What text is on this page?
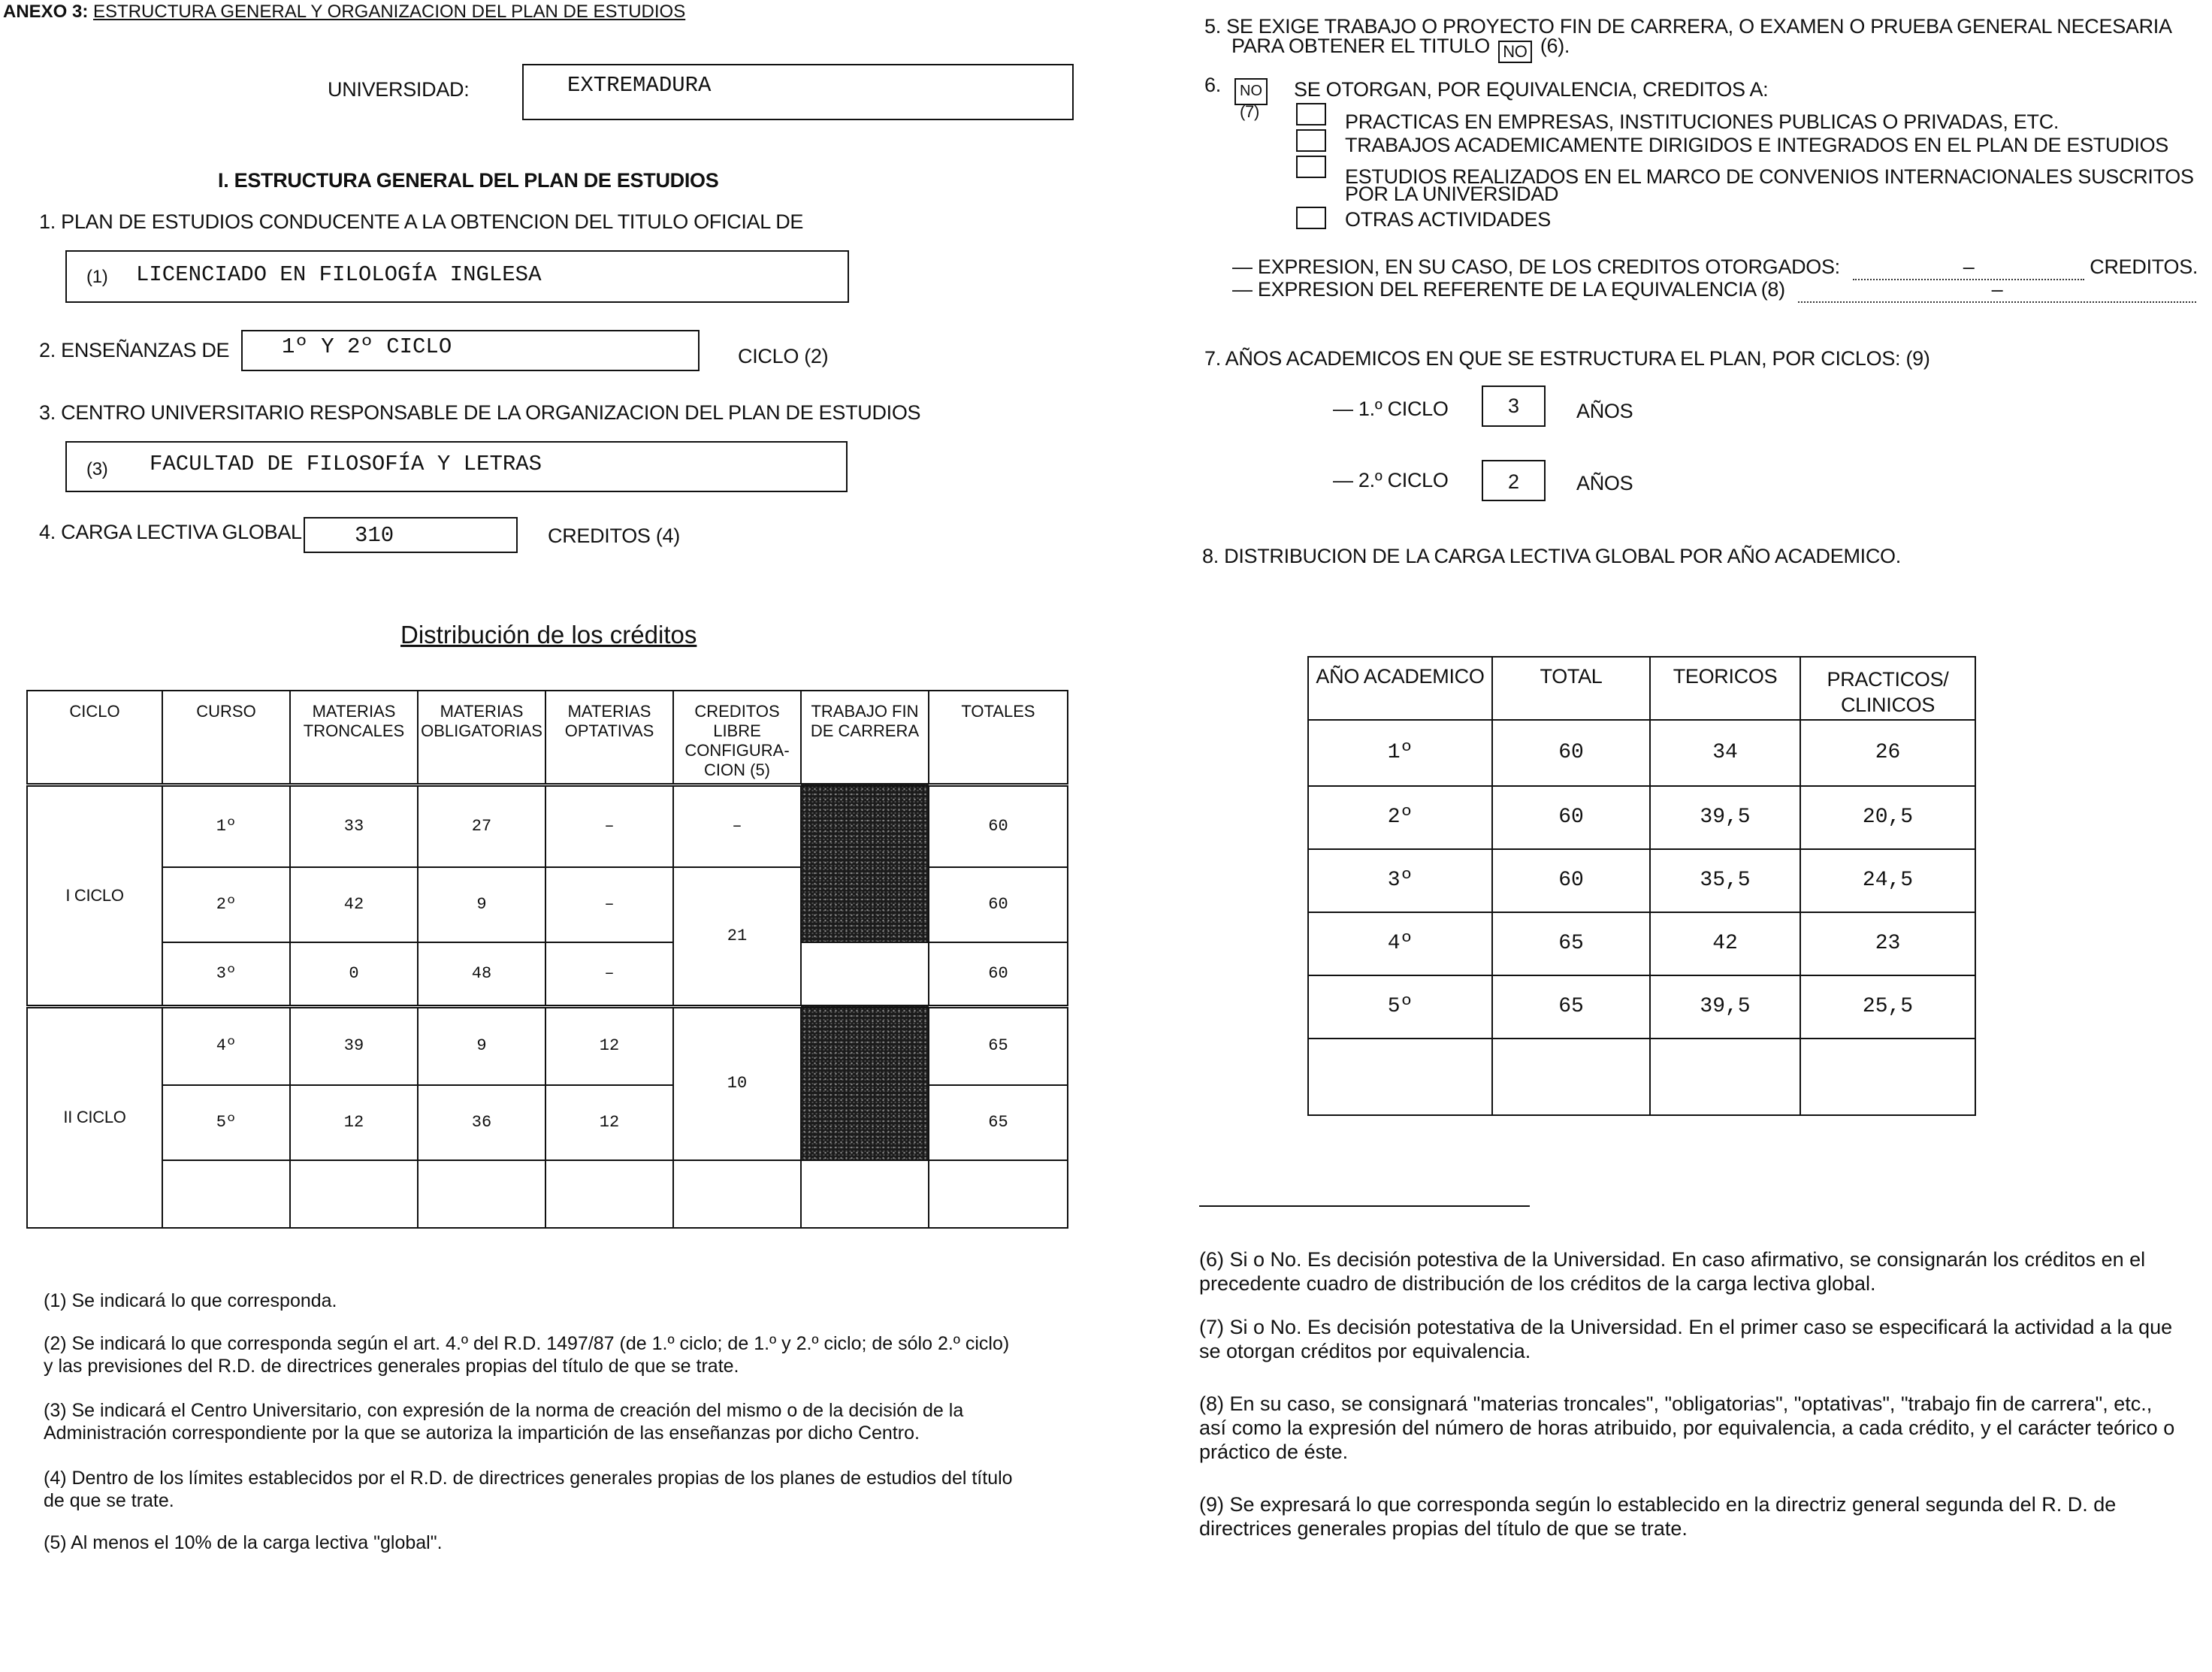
ANEXO 3: ESTRUCTURA GENERAL Y ORGANIZACION DEL PLAN DE ESTUDIOS
UNIVERSIDAD:	EXTREMADURA
I. ESTRUCTURA GENERAL DEL PLAN DE ESTUDIOS
1. PLAN DE ESTUDIOS CONDUCENTE A LA OBTENCION DEL TITULO OFICIAL DE
(1) LICENCIADO EN FILOLOGÍA INGLESA
2. ENSEÑANZAS DE 1º Y 2º CICLO	CICLO (2)
3. CENTRO UNIVERSITARIO RESPONSABLE DE LA ORGANIZACION DEL PLAN DE ESTUDIOS
(3) FACULTAD DE FILOSOFÍA Y LETRAS
4. CARGA LECTIVA GLOBAL 310	CREDITOS (4)
Distribución de los créditos
CICLO	CURSO	MATERIAS TRONCALES	MATERIAS OBLIGATORIAS	MATERIAS OPTATIVAS	CREDITOS LIBRE CONFIGURA-CION (5)	TRABAJO FIN DE CARRERA	TOTALES
I CICLO	1º	33	27	–	–		60
	2º	42	9	–	21		60
	3º	0	48	–			60
II CICLO	4º	39	9	12	10		65
	5º	12	36	12			65

(1) Se indicará lo que corresponda.
(2) Se indicará lo que corresponda según el art. 4.º del R.D. 1497/87 (de 1.º ciclo; de 1.º y 2.º ciclo; de sólo 2.º ciclo) y las previsiones del R.D. de directrices generales propias del título de que se trate.
(3) Se indicará el Centro Universitario, con expresión de la norma de creación del mismo o de la decisión de la Administración correspondiente por la que se autoriza la impartición de las enseñanzas por dicho Centro.
(4) Dentro de los límites establecidos por el R.D. de directrices generales propias de los planes de estudios del título de que se trate.
(5) Al menos el 10% de la carga lectiva "global".
5. SE EXIGE TRABAJO O PROYECTO FIN DE CARRERA, O EXAMEN O PRUEBA GENERAL NECESARIA
PARA OBTENER EL TITULO NO (6).
6.	NO
(7)
SE OTORGAN, POR EQUIVALENCIA, CREDITOS A:
PRACTICAS EN EMPRESAS, INSTITUCIONES PUBLICAS O PRIVADAS, ETC.
TRABAJOS ACADEMICAMENTE DIRIGIDOS E INTEGRADOS EN EL PLAN DE ESTUDIOS
ESTUDIOS REALIZADOS EN EL MARCO DE CONVENIOS INTERNACIONALES SUSCRITOS
POR LA UNIVERSIDAD
OTRAS ACTIVIDADES
— EXPRESION, EN SU CASO, DE LOS CREDITOS OTORGADOS:	–	CREDITOS.
— EXPRESION DEL REFERENTE DE LA EQUIVALENCIA (8)	–
7. AÑOS ACADEMICOS EN QUE SE ESTRUCTURA EL PLAN, POR CICLOS: (9)
— 1.º CICLO	3	AÑOS
— 2.º CICLO	2	AÑOS
8. DISTRIBUCION DE LA CARGA LECTIVA GLOBAL POR AÑO ACADEMICO.
AÑO ACADEMICO	TOTAL	TEORICOS	PRACTICOS/ CLINICOS
1º	60	34	26
2º	60	39,5	20,5
3º	60	35,5	24,5
4º	65	42	23
5º	65	39,5	25,5

(6) Si o No. Es decisión potestiva de la Universidad. En caso afirmativo, se consignarán los créditos en el precedente cuadro de distribución de los créditos de la carga lectiva global.
(7) Si o No. Es decisión potestativa de la Universidad. En el primer caso se especificará la actividad a la que se otorgan créditos por equivalencia.
(8) En su caso, se consignará "materias troncales", "obligatorias", "optativas", "trabajo fin de carrera", etc., así como la expresión del número de horas atribuido, por equivalencia, a cada crédito, y el carácter teórico o práctico de éste.
(9) Se expresará lo que corresponda según lo establecido en la directriz general segunda del R. D. de directrices generales propias del título de que se trate.
